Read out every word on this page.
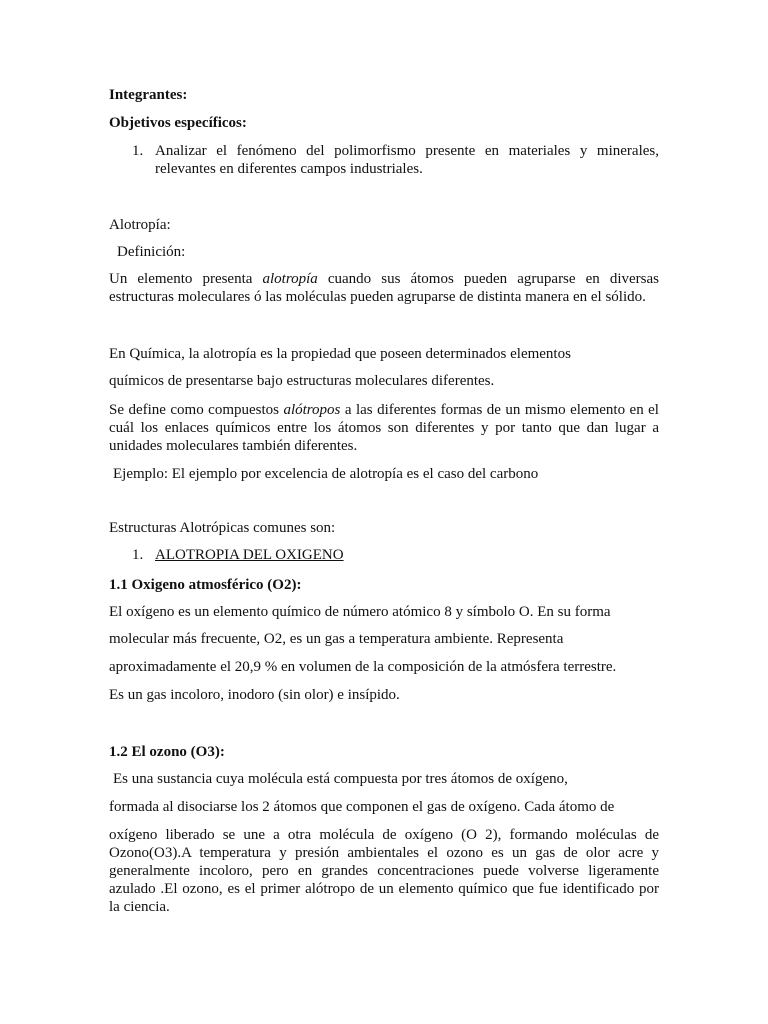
Integrantes:
Objetivos específicos:
1. Analizar el fenómeno del polimorfismo presente en materiales y minerales, relevantes en diferentes campos industriales.
Alotropía:
Definición:
Un elemento presenta alotropía cuando sus átomos pueden agruparse en diversas estructuras moleculares ó las moléculas pueden agruparse de distinta manera en el sólido.
En Química, la alotropía es la propiedad que poseen determinados elementos
químicos de presentarse bajo estructuras moleculares diferentes.
Se define como compuestos alótropos a las diferentes formas de un mismo elemento en el cuál los enlaces químicos entre los átomos son diferentes y por tanto que dan lugar a unidades moleculares también diferentes.
Ejemplo: El ejemplo por excelencia de alotropía es el caso del carbono
Estructuras Alotrópicas comunes son:
1. ALOTROPIA DEL OXIGENO
1.1 Oxigeno atmosférico (O2):
El oxígeno es un elemento químico de número atómico 8 y símbolo O. En su forma
molecular más frecuente, O2, es un gas a temperatura ambiente. Representa
aproximadamente el 20,9 % en volumen de la composición de la atmósfera terrestre.
Es un gas incoloro, inodoro (sin olor) e insípido.
1.2 El ozono (O3):
Es una sustancia cuya molécula está compuesta por tres átomos de oxígeno,
formada al disociarse los 2 átomos que componen el gas de oxígeno. Cada átomo de
oxígeno liberado se une a otra molécula de oxígeno (O 2), formando moléculas de Ozono(O3).A temperatura y presión ambientales el ozono es un gas de olor acre y generalmente incoloro, pero en grandes concentraciones puede volverse ligeramente azulado .El ozono, es el primer alótropo de un elemento químico que fue identificado por la ciencia.
